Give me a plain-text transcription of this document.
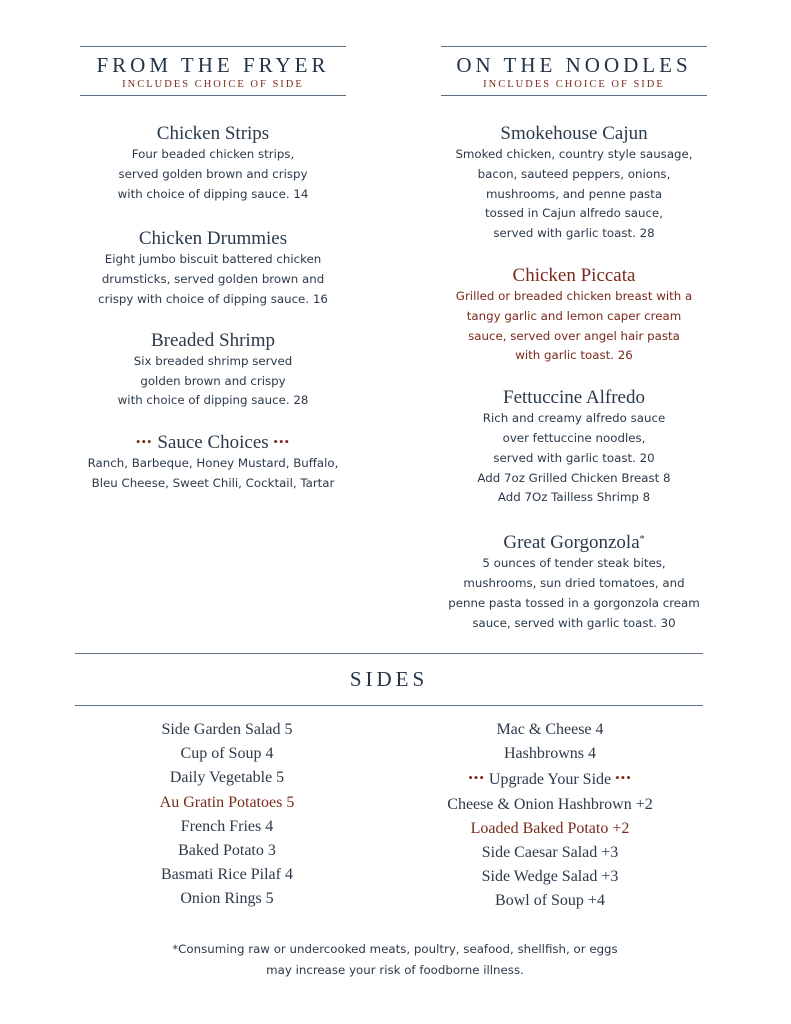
FROM THE FRYER
INCLUDES CHOICE OF SIDE
Chicken Strips
Four beaded chicken strips,
served golden brown and crispy
with choice of dipping sauce. 14
Chicken Drummies
Eight jumbo biscuit battered chicken
drumsticks, served golden brown and
crispy with choice of dipping sauce. 16
Breaded Shrimp
Six breaded shrimp served
golden brown and crispy
with choice of dipping sauce. 28
••• Sauce Choices •••
Ranch, Barbeque, Honey Mustard, Buffalo,
Bleu Cheese, Sweet Chili, Cocktail, Tartar
ON THE NOODLES
INCLUDES CHOICE OF SIDE
Smokehouse Cajun
Smoked chicken, country style sausage,
bacon, sauteed peppers, onions,
mushrooms, and penne pasta
tossed in Cajun alfredo sauce,
served with garlic toast. 28
Chicken Piccata
Grilled or breaded chicken breast with a
tangy garlic and lemon caper cream
sauce, served over angel hair pasta
with garlic toast. 26
Fettuccine Alfredo
Rich and creamy alfredo sauce
over fettuccine noodles,
served with garlic toast. 20
Add 7oz Grilled Chicken Breast 8
Add 7Oz Tailless Shrimp 8
Great Gorgonzola*
5 ounces of tender steak bites,
mushrooms, sun dried tomatoes, and
penne pasta tossed in a gorgonzola cream
sauce, served with garlic toast. 30
SIDES
Side Garden Salad 5
Cup of Soup 4
Daily Vegetable 5
Au Gratin Potatoes 5
French Fries 4
Baked Potato 3
Basmati Rice Pilaf 4
Onion Rings 5
Mac & Cheese 4
Hashbrowns 4
••• Upgrade Your Side •••
Cheese & Onion Hashbrown +2
Loaded Baked Potato +2
Side Caesar Salad +3
Side Wedge Salad +3
Bowl of Soup +4
*Consuming raw or undercooked meats, poultry, seafood, shellfish, or eggs
may increase your risk of foodborne illness.
